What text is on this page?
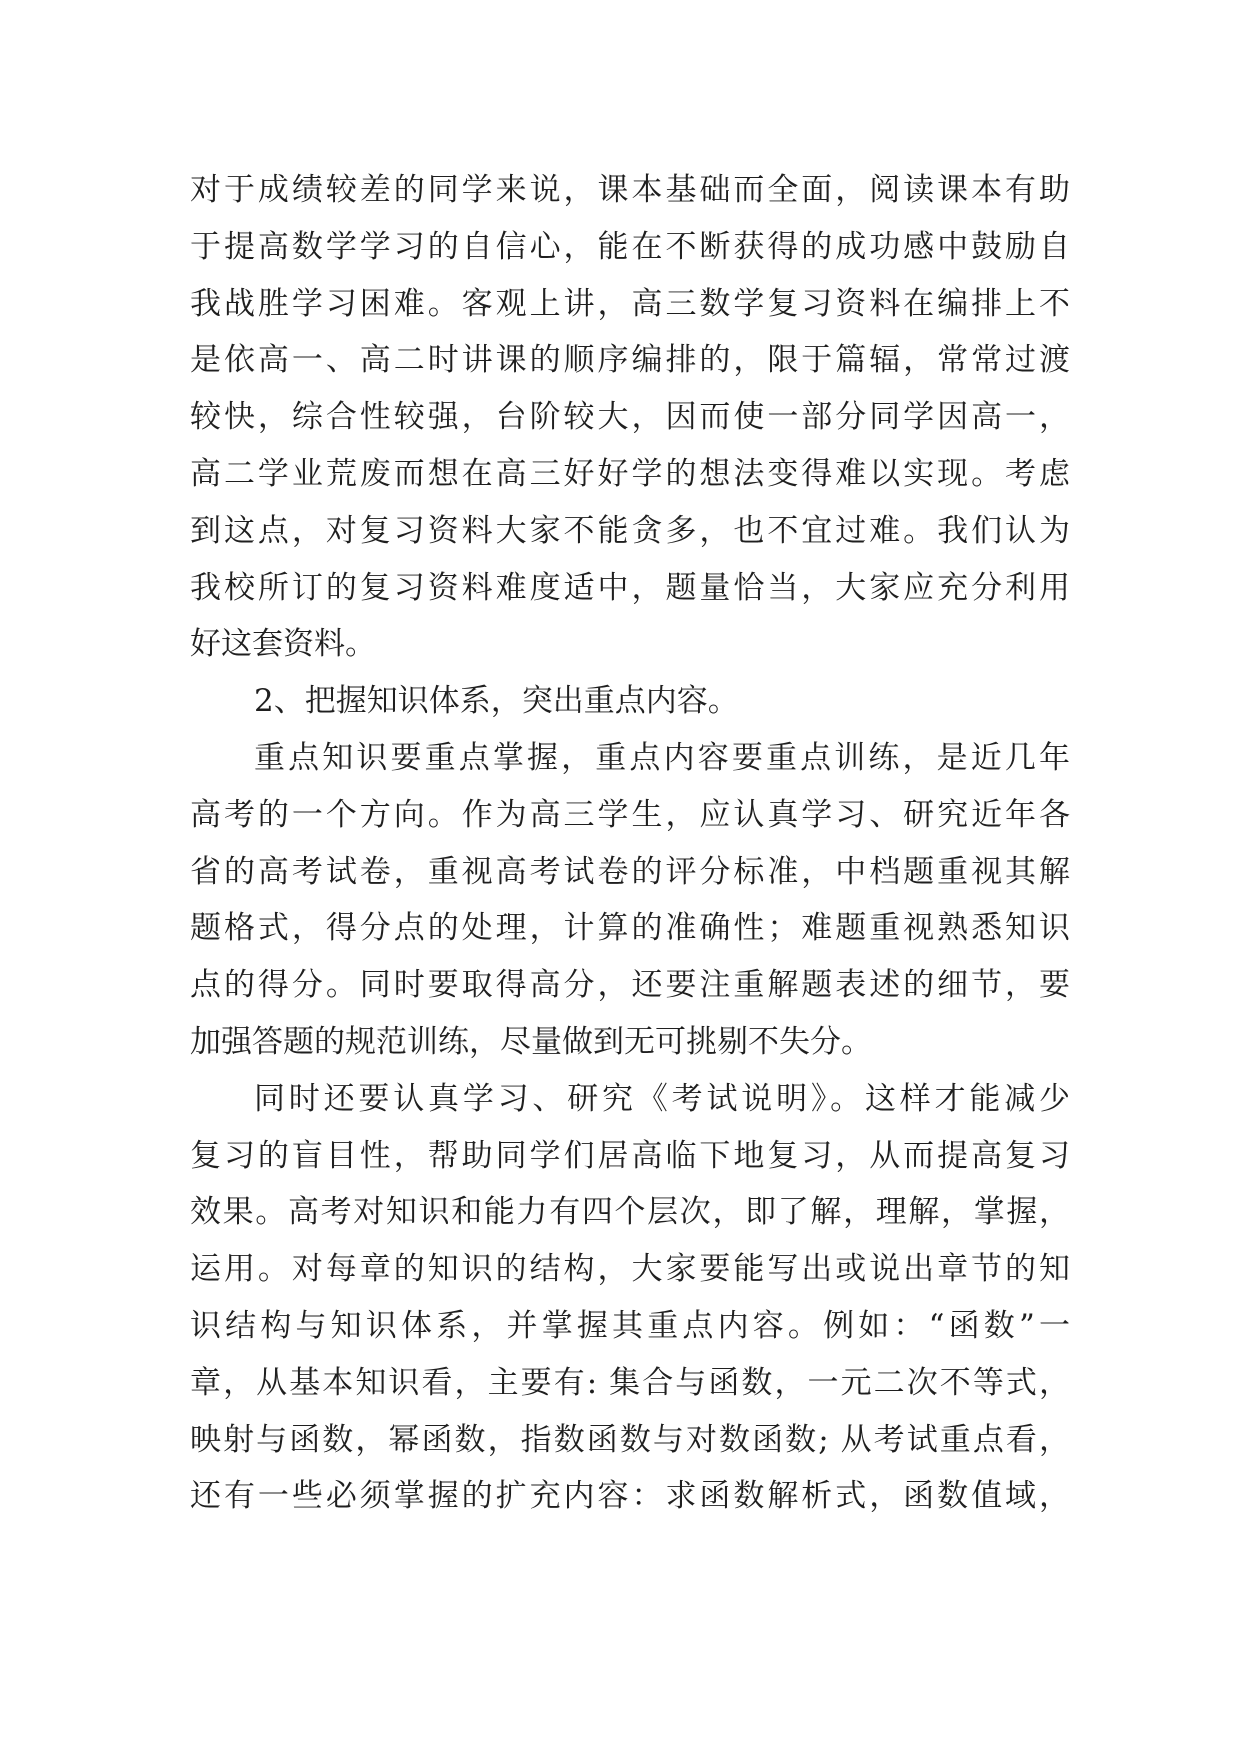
对于成绩较差的同学来说，课本基础而全面，阅读课本有助
于提高数学学习的自信心，能在不断获得的成功感中鼓励自
我战胜学习困难。客观上讲，高三数学复习资料在编排上不
是依高一、高二时讲课的顺序编排的，限于篇辐，常常过渡
较快，综合性较强，台阶较大，因而使一部分同学因高一，
高二学业荒废而想在高三好好学的想法变得难以实现。考虑
到这点，对复习资料大家不能贪多，也不宜过难。我们认为
我校所订的复习资料难度适中，题量恰当，大家应充分利用
好这套资料。
2、把握知识体系，突出重点内容。
重点知识要重点掌握，重点内容要重点训练，是近几年
高考的一个方向。作为高三学生，应认真学习、研究近年各
省的高考试卷，重视高考试卷的评分标准，中档题重视其解
题格式，得分点的处理，计算的准确性；难题重视熟悉知识
点的得分。同时要取得高分，还要注重解题表述的细节，要
加强答题的规范训练，尽量做到无可挑剔不失分。
同时还要认真学习、研究《考试说明》。这样才能减少
复习的盲目性，帮助同学们居高临下地复习，从而提高复习
效果。高考对知识和能力有四个层次，即了解，理解，掌握，
运用。对每章的知识的结构，大家要能写出或说出章节的知
识结构与知识体系，并掌握其重点内容。例如：“函数”一
章，从基本知识看，主要有: 集合与函数，一元二次不等式，
映射与函数，幂函数，指数函数与对数函数; 从考试重点看，
还有一些必须掌握的扩充内容：求函数解析式，函数值域，
